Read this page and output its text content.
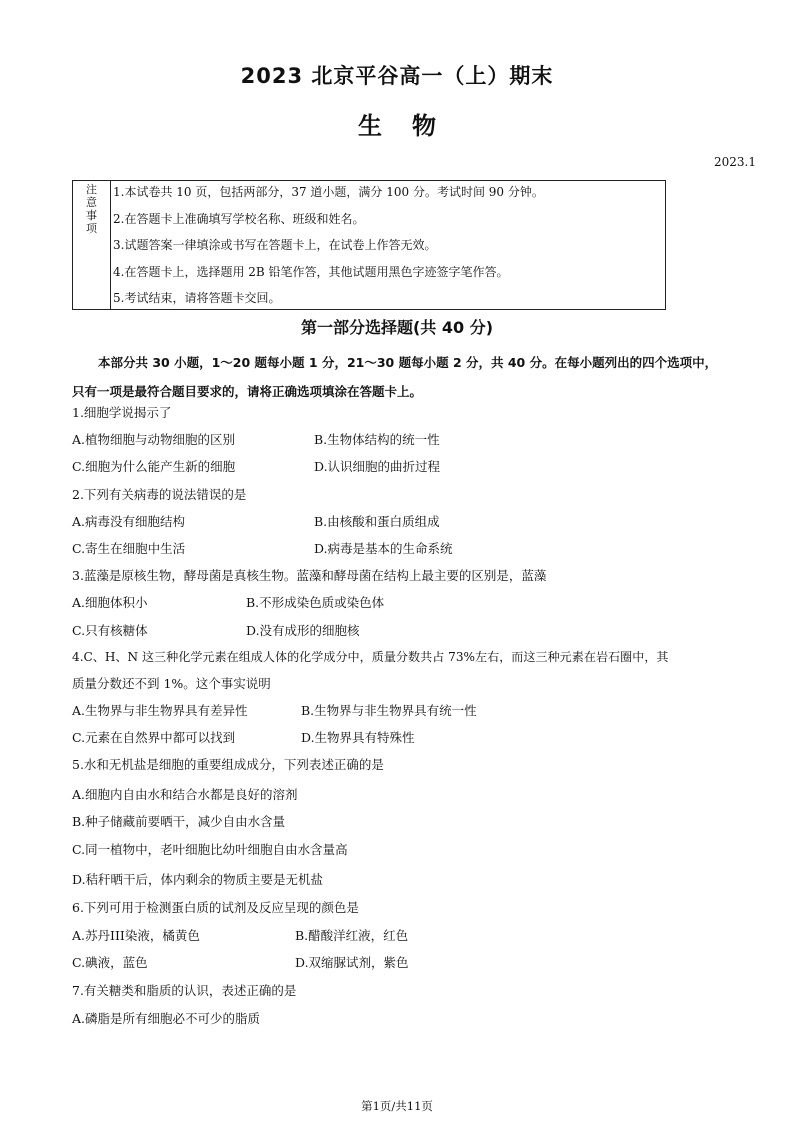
2023 北京平谷高一（上）期末
生物
2023.1
注
意
事
项
1.本试卷共 10 页，包括两部分，37 道小题，满分 100 分。考试时间 90 分钟。
2.在答题卡上准确填写学校名称、班级和姓名。
3.试题答案一律填涂或书写在答题卡上，在试卷上作答无效。
4.在答题卡上，选择题用 2B 铅笔作答，其他试题用黑色字迹签字笔作答。
5.考试结束，请将答题卡交回。
第一部分选择题(共 40 分)
本部分共 30 小题，1～20 题每小题 1 分，21～30 题每小题 2 分，共 40 分。在每小题列出的四个选项中，只有一项是最符合题目要求的，请将正确选项填涂在答题卡上。
1.细胞学说揭示了
A.植物细胞与动物细胞的区别	B.生物体结构的统一性
C.细胞为什么能产生新的细胞	D.认识细胞的曲折过程
2.下列有关病毒的说法错误的是
A.病毒没有细胞结构	B.由核酸和蛋白质组成
C.寄生在细胞中生活	D.病毒是基本的生命系统
3.蓝藻是原核生物，酵母菌是真核生物。蓝藻和酵母菌在结构上最主要的区别是，蓝藻
A.细胞体积小	B.不形成染色质或染色体
C.只有核糖体	D.没有成形的细胞核
4.C、H、N 这三种化学元素在组成人体的化学成分中，质量分数共占 73%左右，而这三种元素在岩石圈中，其
质量分数还不到 1%。这个事实说明
A.生物界与非生物界具有差异性	B.生物界与非生物界具有统一性
C.元素在自然界中都可以找到	D.生物界具有特殊性
5.水和无机盐是细胞的重要组成成分，下列表述正确的是
A.细胞内自由水和结合水都是良好的溶剂
B.种子储藏前要晒干，减少自由水含量
C.同一植物中，老叶细胞比幼叶细胞自由水含量高
D.秸秆晒干后，体内剩余的物质主要是无机盐
6.下列可用于检测蛋白质的试剂及反应呈现的颜色是
A.苏丹III染液，橘黄色	B.醋酸洋红液，红色
C.碘液，蓝色	D.双缩脲试剂，紫色
7.有关糖类和脂质的认识，表述正确的是
A.磷脂是所有细胞必不可少的脂质
第1页/共11页
